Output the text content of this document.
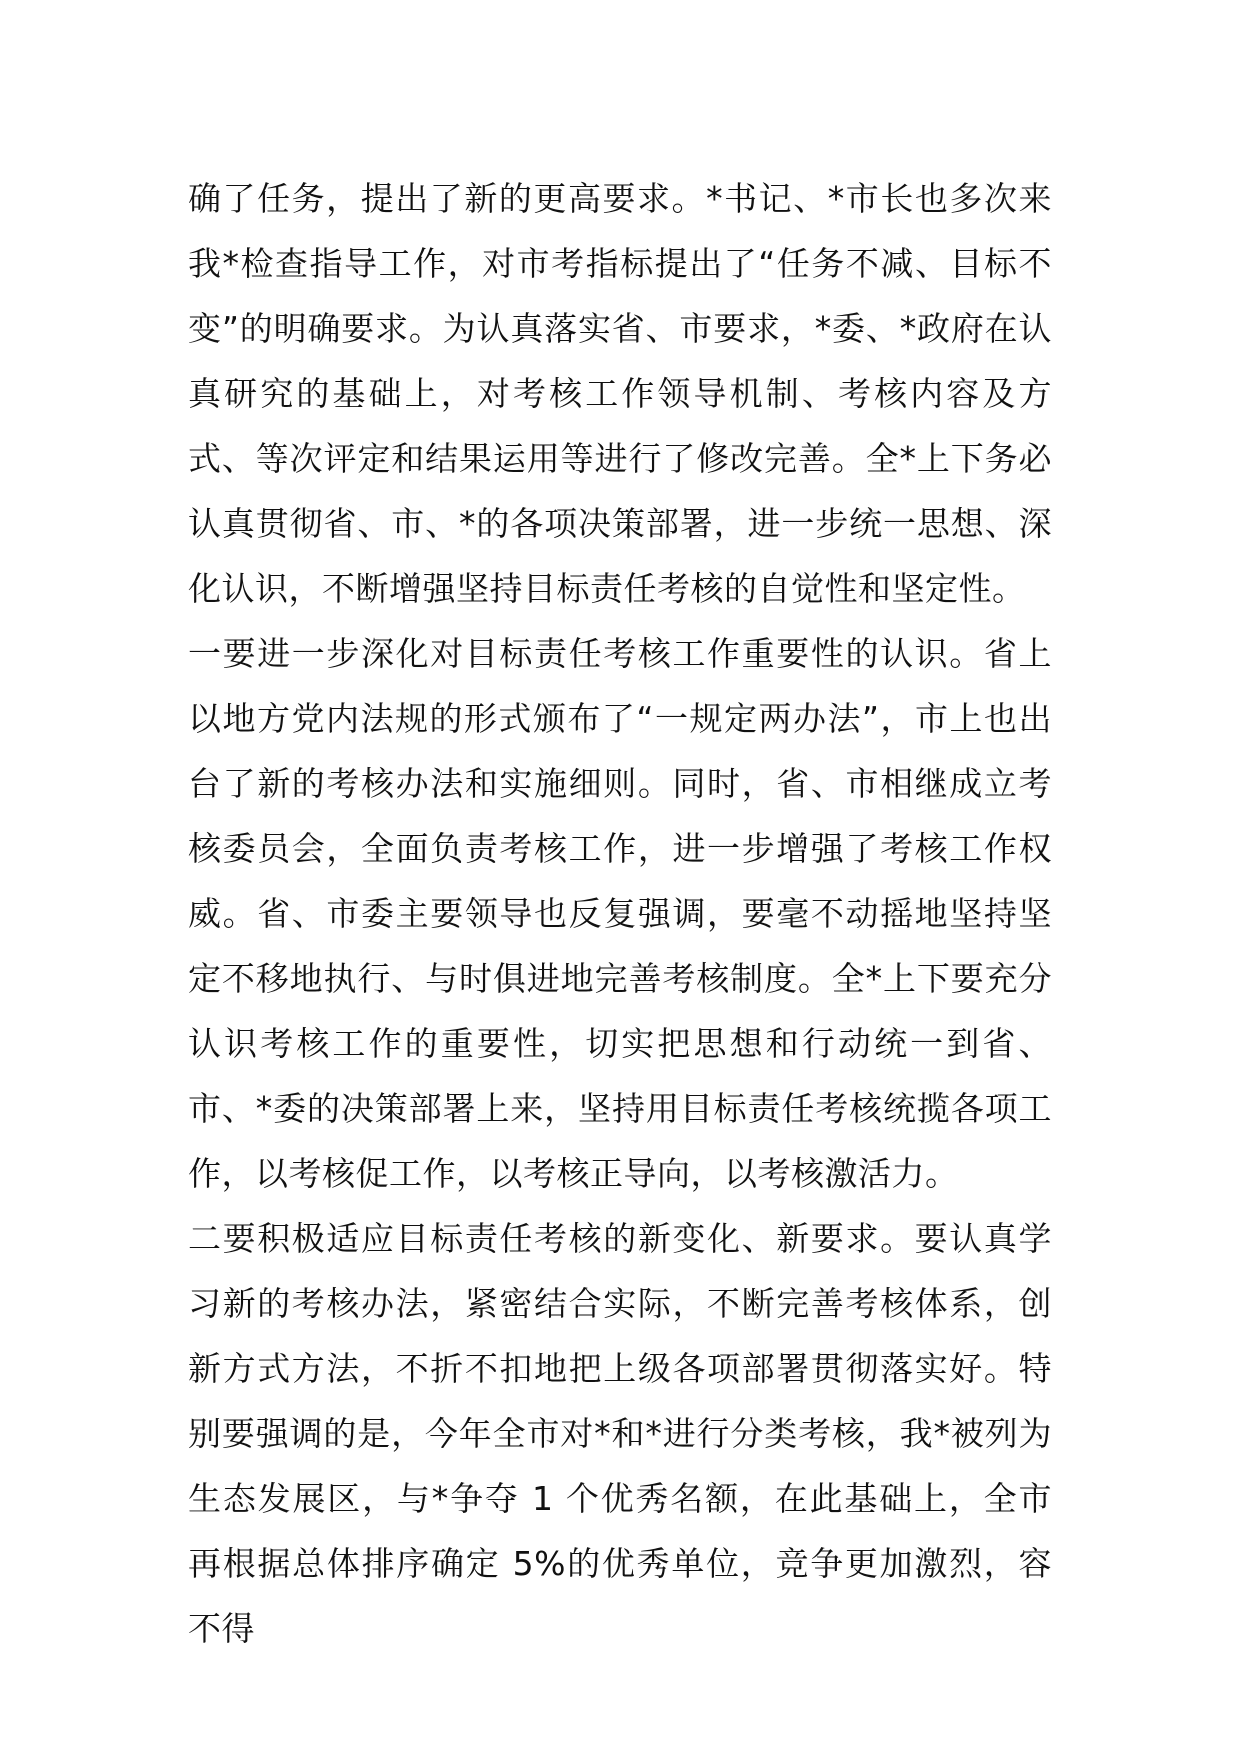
确了任务，提出了新的更高要求。*书记、*市长也多次来我*检查指导工作，对市考指标提出了“任务不减、目标不变”的明确要求。为认真落实省、市要求，*委、*政府在认真研究的基础上，对考核工作领导机制、考核内容及方式、等次评定和结果运用等进行了修改完善。全*上下务必认真贯彻省、市、*的各项决策部署，进一步统一思想、深化认识，不断增强坚持目标责任考核的自觉性和坚定性。

一要进一步深化对目标责任考核工作重要性的认识。省上以地方党内法规的形式颁布了“一规定两办法”，市上也出台了新的考核办法和实施细则。同时，省、市相继成立考核委员会，全面负责考核工作，进一步增强了考核工作权威。省、市委主要领导也反复强调，要毫不动摇地坚持坚定不移地执行、与时俱进地完善考核制度。全*上下要充分认识考核工作的重要性，切实把思想和行动统一到省、市、*委的决策部署上来，坚持用目标责任考核统揽各项工作，以考核促工作，以考核正导向，以考核激活力。

二要积极适应目标责任考核的新变化、新要求。要认真学习新的考核办法，紧密结合实际，不断完善考核体系，创新方式方法，不折不扣地把上级各项部署贯彻落实好。特别要强调的是，今年全市对*和*进行分类考核，我*被列为生态发展区，与*争夺 1 个优秀名额，在此基础上，全市再根据总体排序确定 5%的优秀单位，竞争更加激烈，容不得
